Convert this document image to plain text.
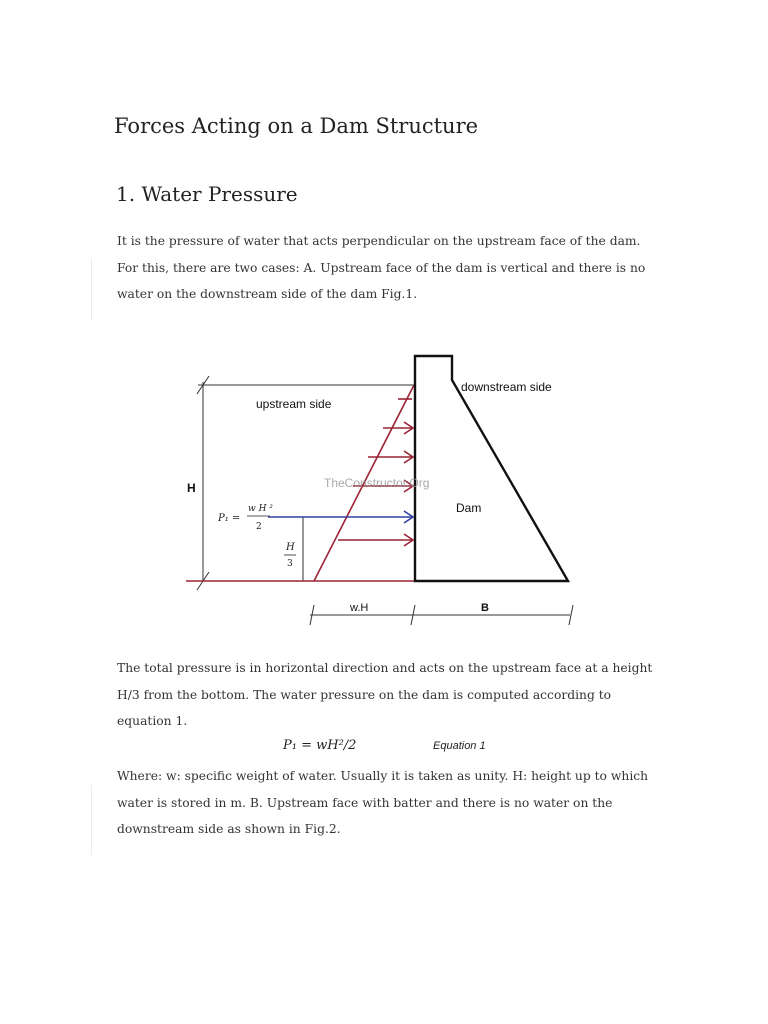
Forces Acting on a Dam Structure
1. Water Pressure

It is the pressure of water that acts perpendicular on the upstream face of the dam. For this, there are two cases: A. Upstream face of the dam is vertical and there is no water on the downstream side of the dam Fig.1.

upstream side
downstream side
Dam
H	TheConstructor.Org
w.H	B
P₁ =
w H ²
2
H
3

The total pressure is in horizontal direction and acts on the upstream face at a height H/3 from the bottom. The water pressure on the dam is computed according to equation 1.

P₁ = wH²/2	Equation 1

Where: w: specific weight of water. Usually it is taken as unity. H: height up to which water is stored in m. B. Upstream face with batter and there is no water on the downstream side as shown in Fig.2.
